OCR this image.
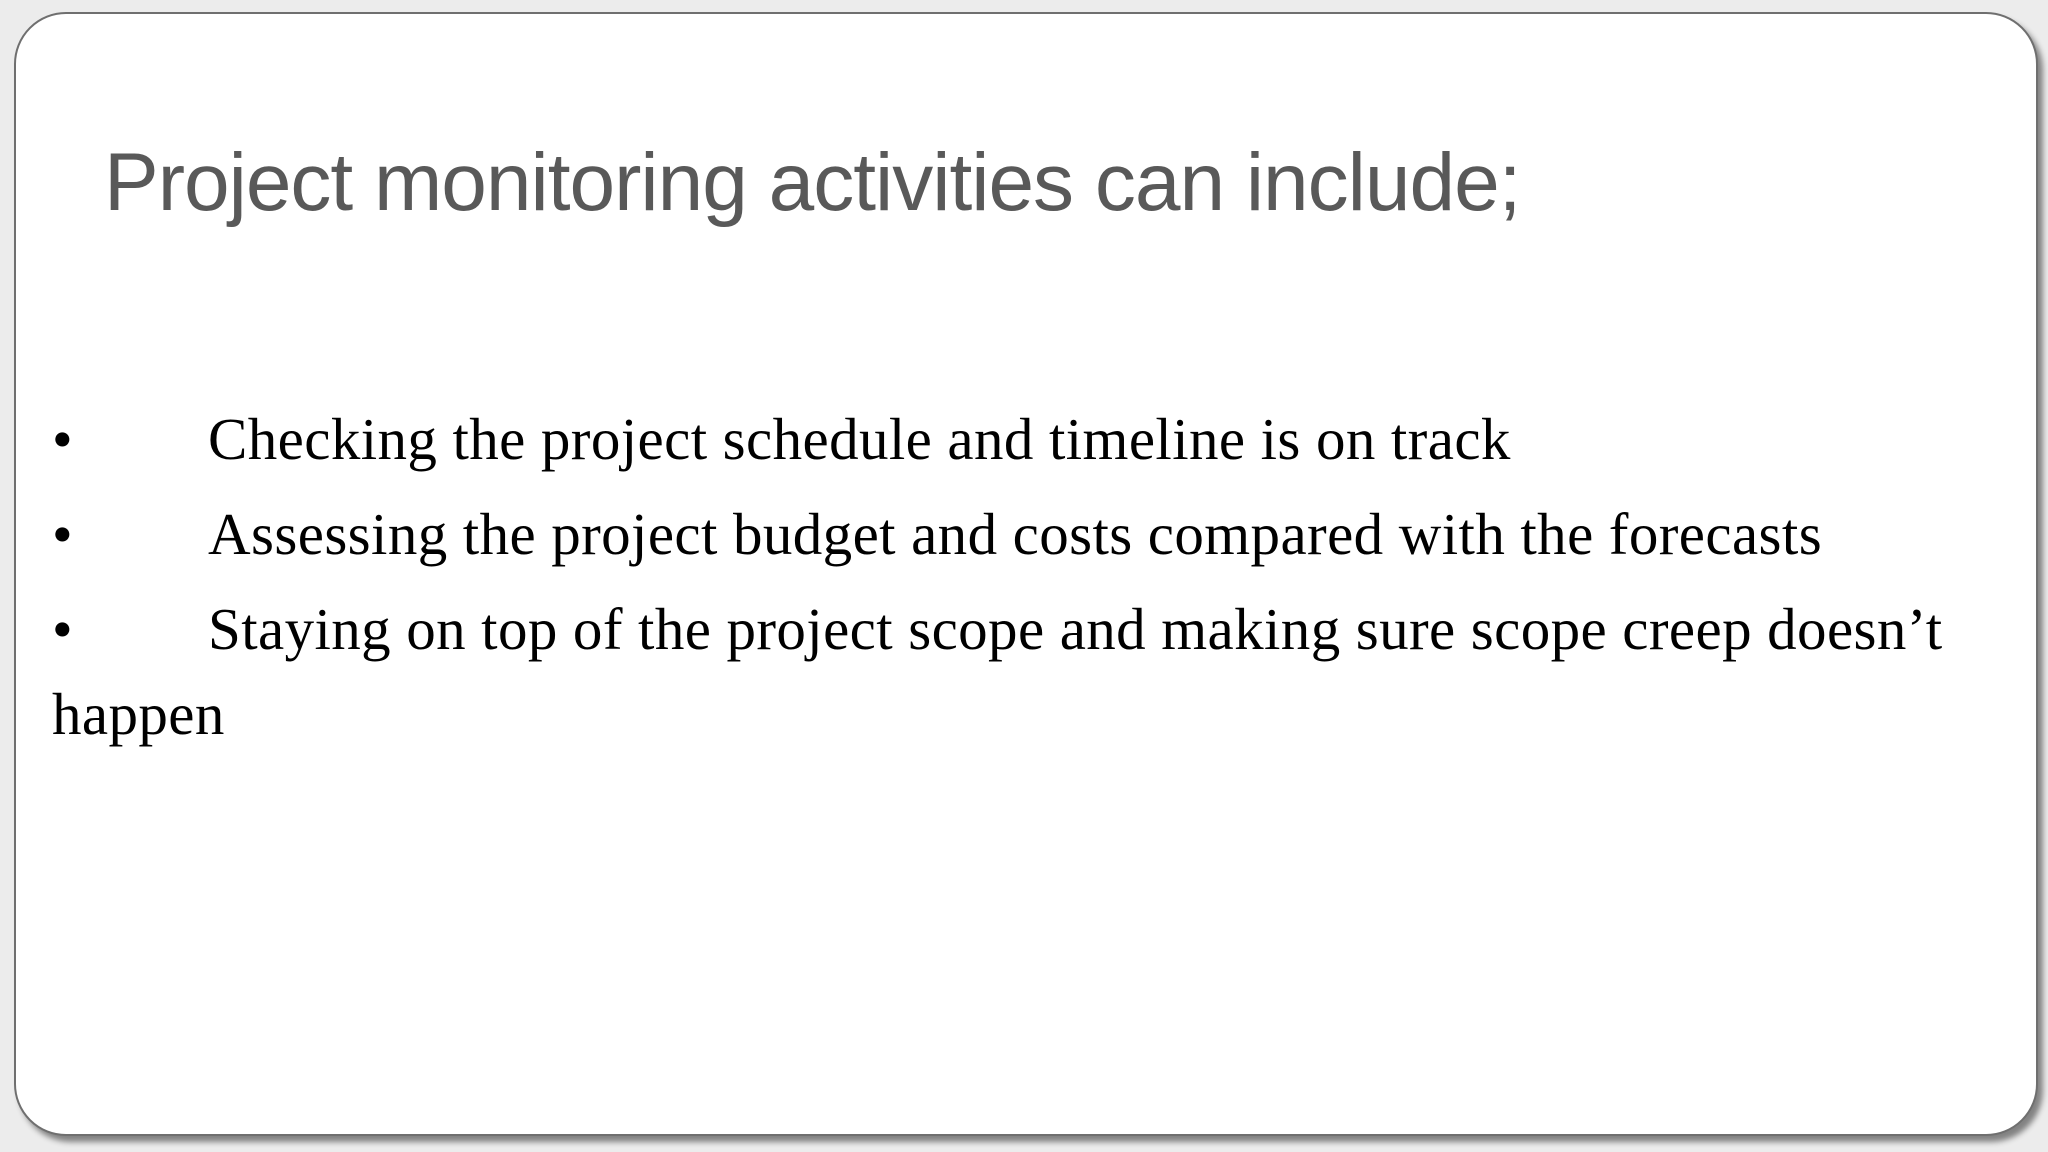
Project monitoring activities can include;
• Checking the project schedule and timeline is on track
• Assessing the project budget and costs compared with the forecasts
• Staying on top of the project scope and making sure scope creep doesn’t happen
